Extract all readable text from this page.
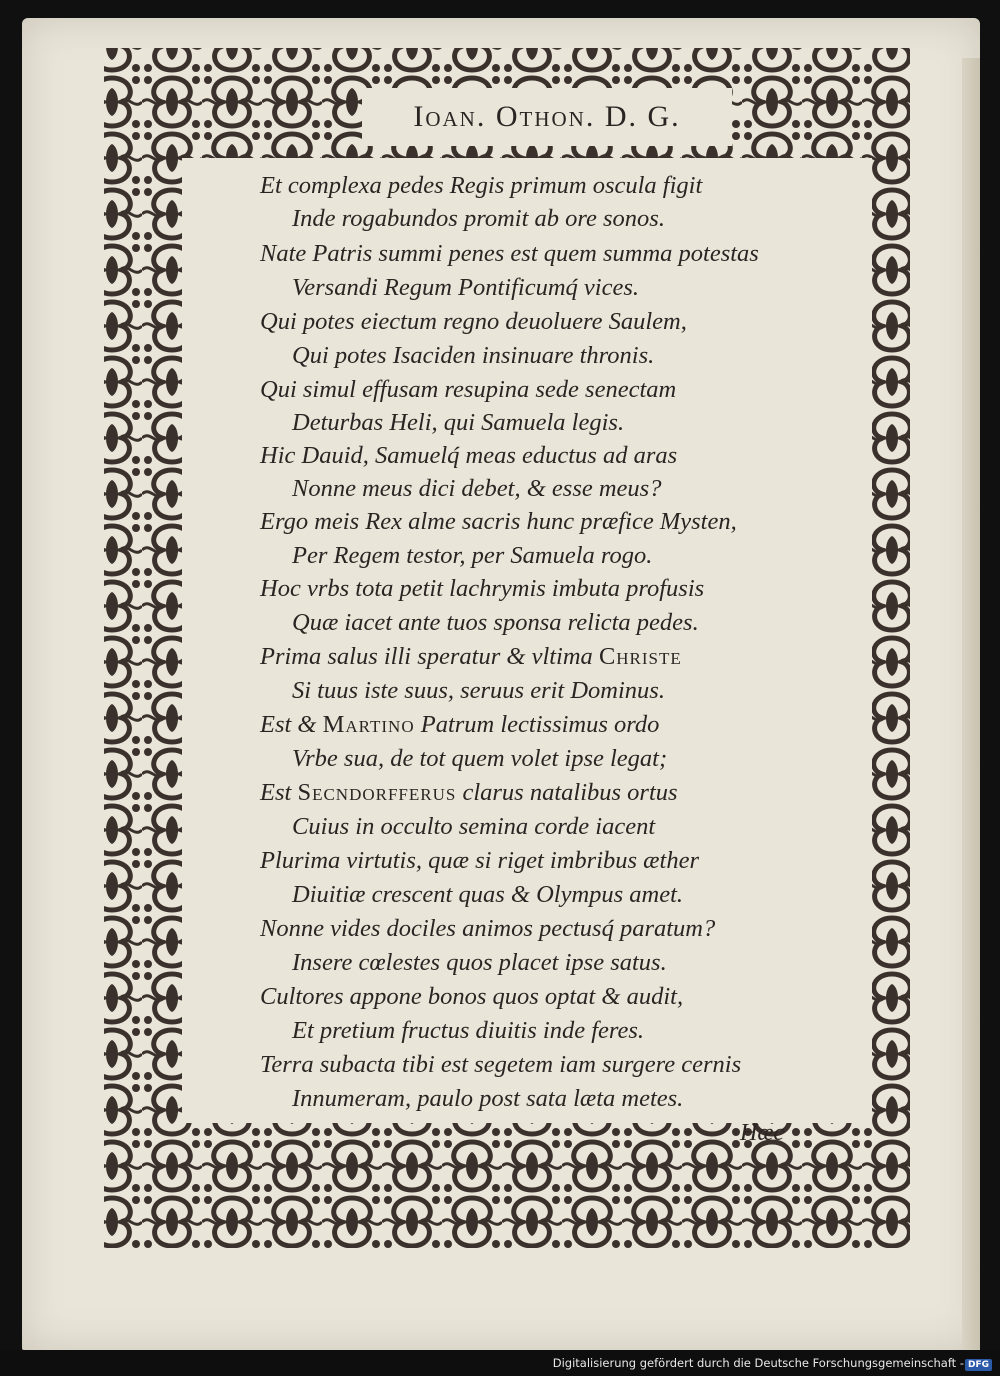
Ioan. Othon. D. G.

Et complexa pedes Regis primum oscula figit

Inde rogabundos promit ab ore sonos.

Nate Patris summi penes est quem summa potestas

Versandi Regum Pontificumq́ vices.

Qui potes eiectum regno deuoluere Saulem,

Qui potes Isaciden insinuare thronis.

Qui simul effusam resupina sede senectam

Deturbas Heli, qui Samuela legis.

Hic Dauid, Samuelq́ meas eductus ad aras

Nonne meus dici debet, & esse meus?

Ergo meis Rex alme sacris hunc præfice Mysten,

Per Regem testor, per Samuela rogo.

Hoc vrbs tota petit lachrymis imbuta profusis

Quæ iacet ante tuos sponsa relicta pedes.

Prima salus illi speratur & vltima Christe

Si tuus iste suus, seruus erit Dominus.

Est & Martino Patrum lectissimus ordo

Vrbe sua, de tot quem volet ipse legat;

Est Secndorfferus clarus natalibus ortus

Cuius in occulto semina corde iacent

Plurima virtutis, quæ si riget imbribus æther

Diuitiæ crescent quas & Olympus amet.

Nonne vides dociles animos pectusq́ paratum?

Insere cœlestes quos placet ipse satus.

Cultores appone bonos quos optat & audit,

Et pretium fructus diuitis inde feres.

Terra subacta tibi est segetem iam surgere cernis

Innumeram, paulo post sata læta metes.

Hæc
Digitalisierung gefördert durch die Deutsche Forschungsgemeinschaft - DFG
